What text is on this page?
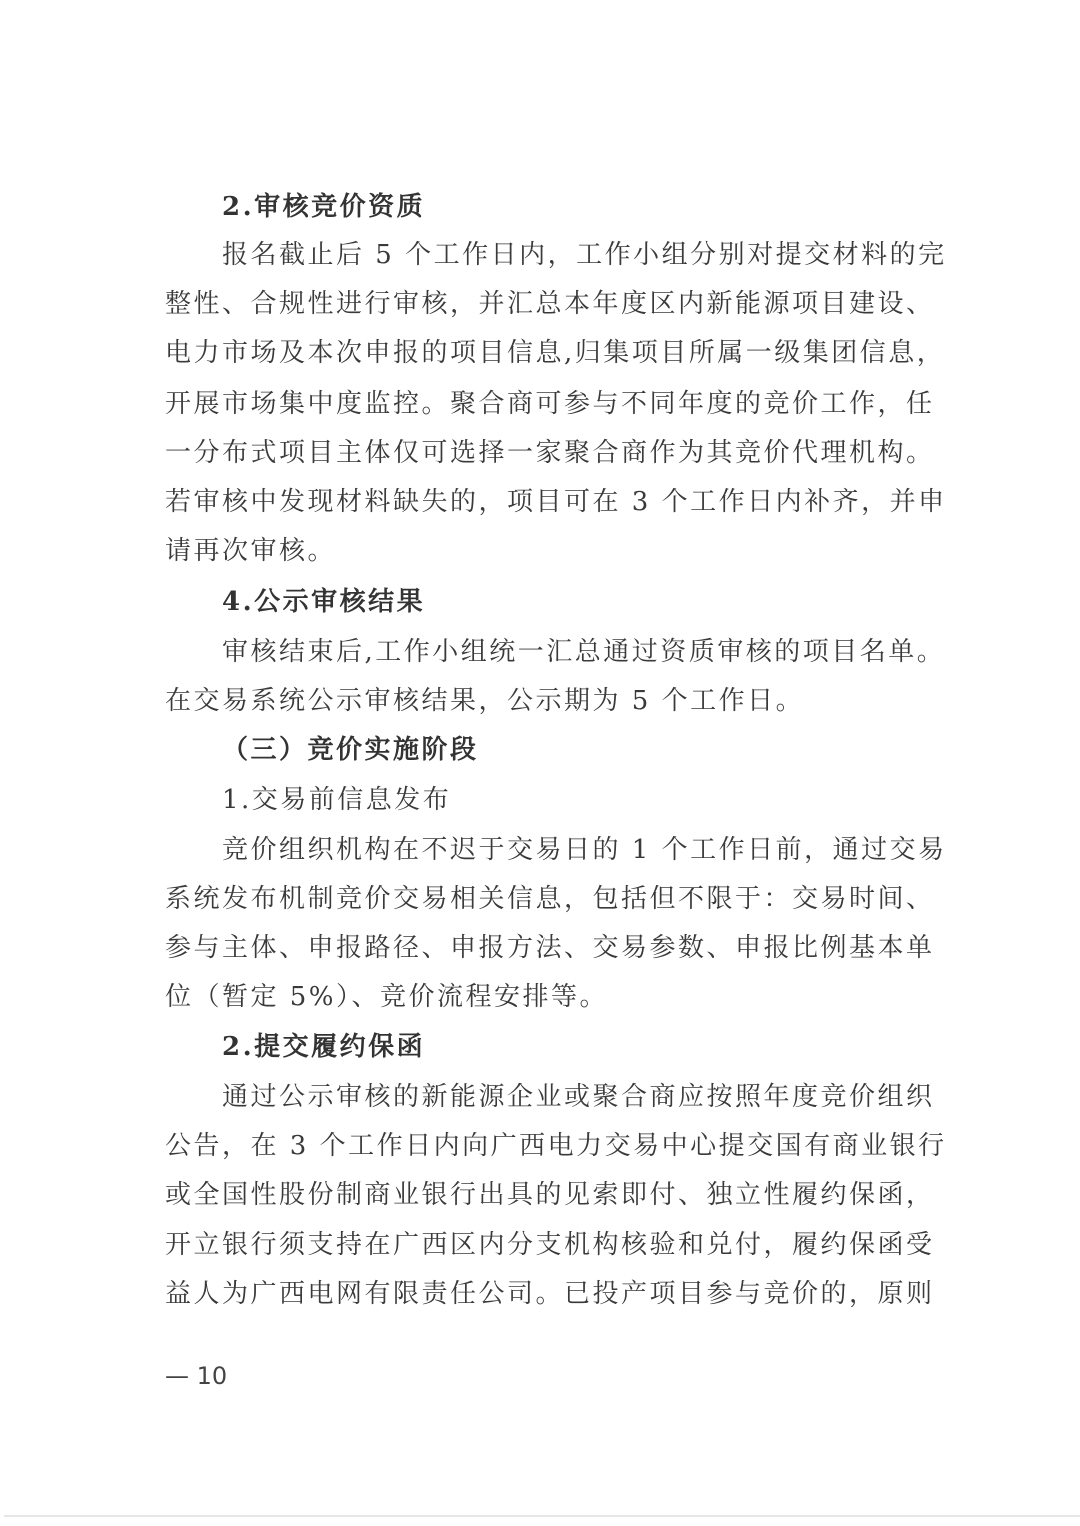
2.审核竞价资质
报名截止后 5 个工作日内，工作小组分别对提交材料的完
整性、合规性进行审核，并汇总本年度区内新能源项目建设、
电力市场及本次申报的项目信息,归集项目所属一级集团信息，
开展市场集中度监控。聚合商可参与不同年度的竞价工作，任
一分布式项目主体仅可选择一家聚合商作为其竞价代理机构。
若审核中发现材料缺失的，项目可在 3 个工作日内补齐，并申
请再次审核。
4.公示审核结果
审核结束后,工作小组统一汇总通过资质审核的项目名单。
在交易系统公示审核结果，公示期为 5 个工作日。
（三）竞价实施阶段
1.交易前信息发布
竞价组织机构在不迟于交易日的 1 个工作日前，通过交易
系统发布机制竞价交易相关信息，包括但不限于：交易时间、
参与主体、申报路径、申报方法、交易参数、申报比例基本单
位（暂定 5%）、竞价流程安排等。
2.提交履约保函
通过公示审核的新能源企业或聚合商应按照年度竞价组织
公告，在 3 个工作日内向广西电力交易中心提交国有商业银行
或全国性股份制商业银行出具的见索即付、独立性履约保函，
开立银行须支持在广西区内分支机构核验和兑付，履约保函受
益人为广西电网有限责任公司。已投产项目参与竞价的，原则
— 10
